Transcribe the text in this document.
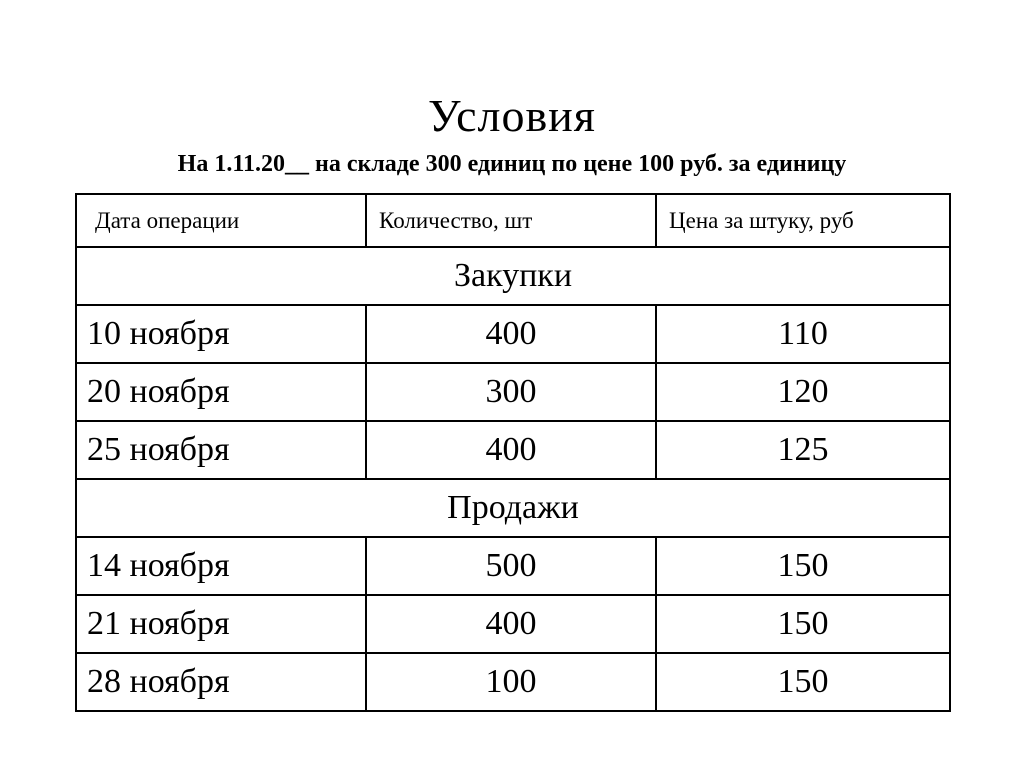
Условия
На 1.11.20__ на складе 300 единиц по цене 100 руб. за единицу
Дата операции	Количество, шт	Цена за штуку, руб
Закупки		
10 ноября	400	110
20 ноября	300	120
25 ноября	400	125
Продажи		
14 ноября	500	150
21 ноября	400	150
28 ноября	100	150
